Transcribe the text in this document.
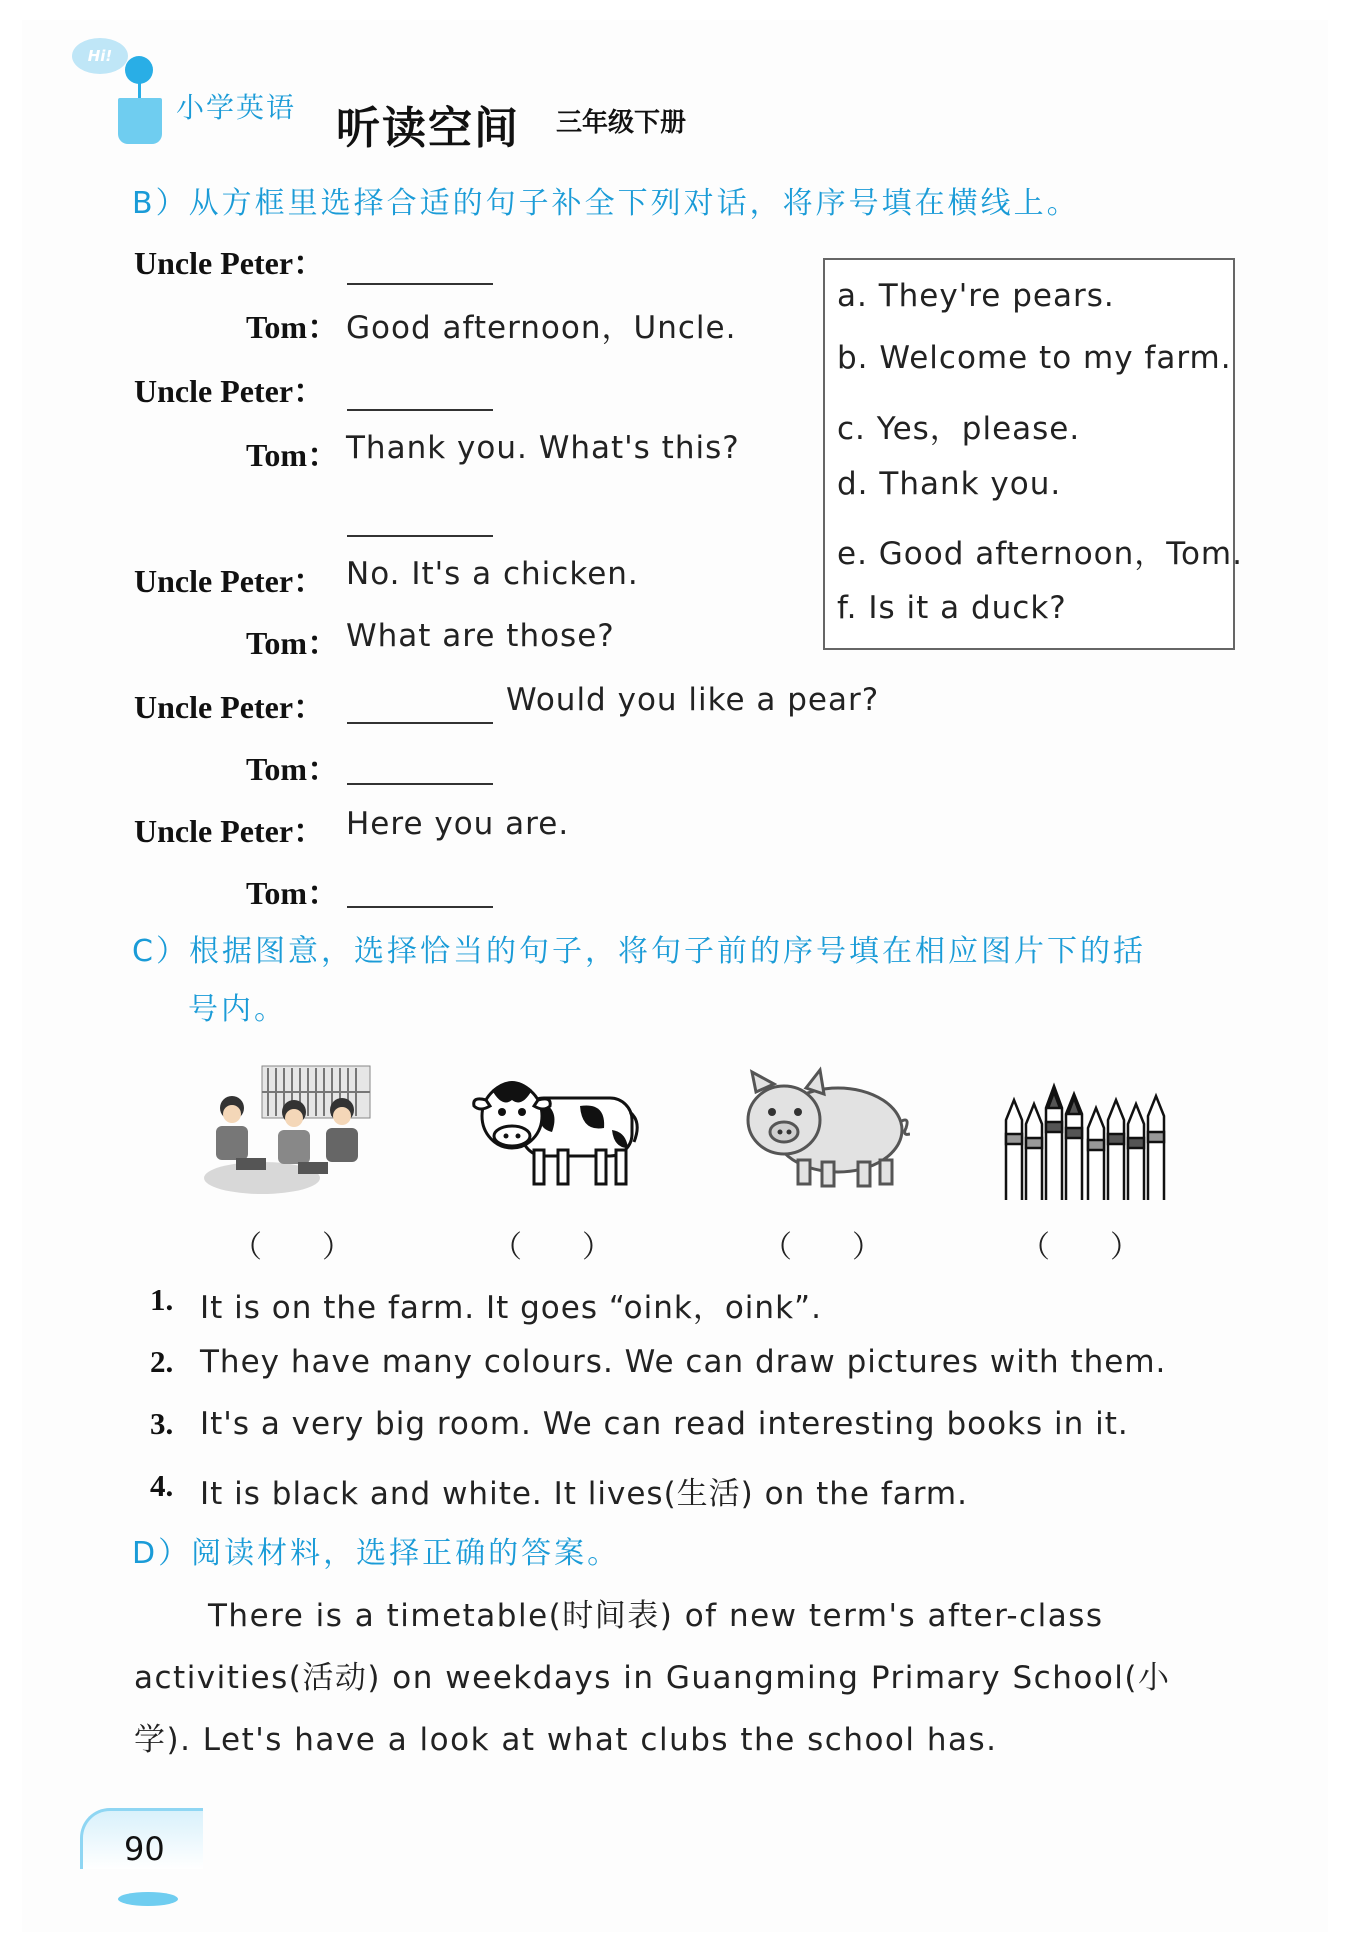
Hi!
小学英语 听读空间 三年级下册
B）从方框里选择合适的句子补全下列对话，将序号填在横线上。
Uncle Peter：
Tom： Good afternoon，Uncle.
Uncle Peter：
Tom： Thank you. What's this?
Uncle Peter： No. It's a chicken.
Tom： What are those?
Uncle Peter：	Would you like a pear?
Tom：
Uncle Peter： Here you are.
Tom：
a. They're pears.
b. Welcome to my farm.
c. Yes，please.
d. Thank you.
e. Good afternoon，Tom.
f. Is it a duck?
C）根据图意，选择恰当的句子，将句子前的序号填在相应图片下的括
号内。
（　　）	（　　）	（　　）	（　　）
1. It is on the farm. It goes “oink，oink”.
2. They have many colours. We can draw pictures with them.
3. It's a very big room. We can read interesting books in it.
4. It is black and white. It lives(生活) on the farm.
D）阅读材料，选择正确的答案。
There is a timetable(时间表) of new term's after-class
activities(活动) on weekdays in Guangming Primary School(小
学). Let's have a look at what clubs the school has.
90
